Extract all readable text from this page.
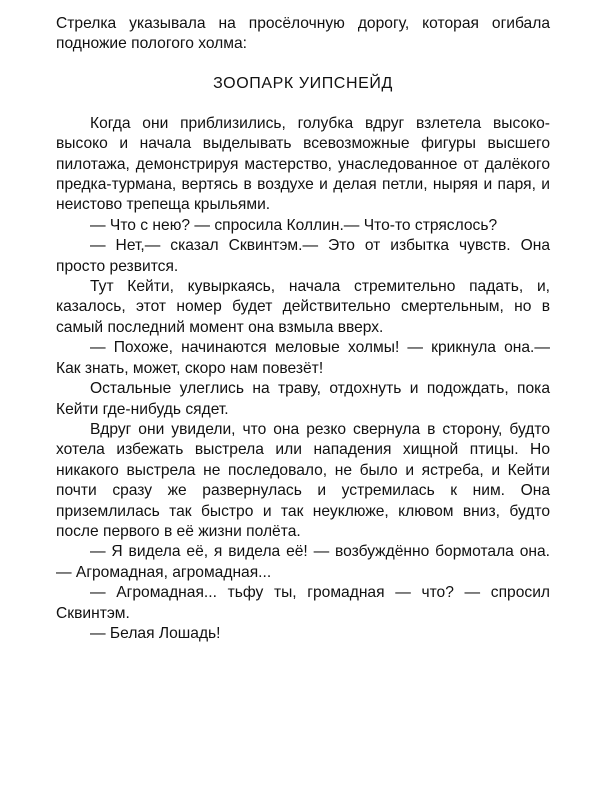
Стрелка указывала на просёлочную дорогу, которая огибала подножие пологого холма:

ЗООПАРК УИПСНЕЙД

Когда они приблизились, голубка вдруг взлетела высоко-высоко и начала выделывать всевозможные фигуры высшего пилотажа, демонстрируя мастерство, унаследованное от далёкого предка-турмана, вертясь в воздухе и делая петли, ныряя и паря, и неистово трепеща крыльями.

— Что с нею? — спросила Коллин.— Что-то стряслось?

— Нет,— сказал Сквинтэм.— Это от избытка чувств. Она просто резвится.

Тут Кейти, кувыркаясь, начала стремительно падать, и, казалось, этот номер будет действительно смертельным, но в самый последний момент она взмыла вверх.

— Похоже, начинаются меловые холмы! — крикнула она.— Как знать, может, скоро нам повезёт!

Остальные улеглись на траву, отдохнуть и подождать, пока Кейти где-нибудь сядет.

Вдруг они увидели, что она резко свернула в сторону, будто хотела избежать выстрела или нападения хищной птицы. Но никакого выстрела не последовало, не было и ястреба, и Кейти почти сразу же развернулась и устремилась к ним. Она приземлилась так быстро и так неуклюже, клювом вниз, будто после первого в её жизни полёта.

— Я видела её, я видела её! — возбуждённо бормотала она.— Агромадная, агромадная...

— Агромадная... тьфу ты, громадная — что? — спросил Сквинтэм.

— Белая Лошадь!
